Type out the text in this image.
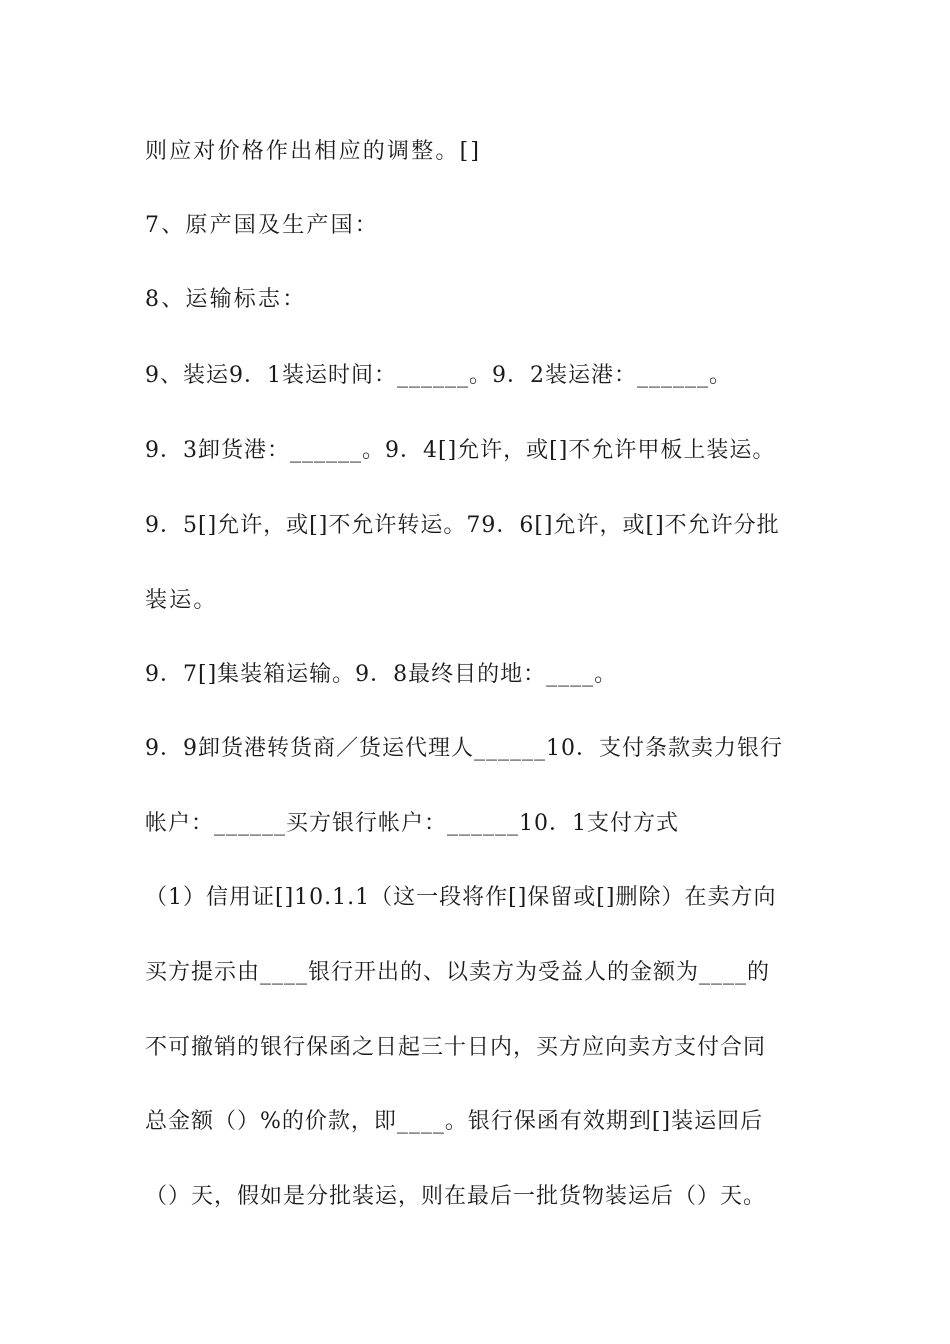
则应对价格作出相应的调整。[]
7、原产国及生产国：
8、运输标志：
9、装运9．1装运时间：______。9．2装运港：______。
9．3卸货港：______。9．4[]允许，或[]不允许甲板上装运。
9．5[]允许，或[]不允许转运。79．6[]允许，或[]不允许分批
装运。
9．7[]集装箱运输。9．8最终目的地：____。
9．9卸货港转货商／货运代理人______10．支付条款卖力银行
帐户：______买方银行帐户：______10．1支付方式
（1）信用证[]10.1.1（这一段将作[]保留或[]删除）在卖方向
买方提示由____银行开出的、以卖方为受益人的金额为____的
不可撤销的银行保函之日起三十日内，买方应向卖方支付合同
总金额（）%的价款，即____。银行保函有效期到[]装运回后
（）天，假如是分批装运，则在最后一批货物装运后（）天。
